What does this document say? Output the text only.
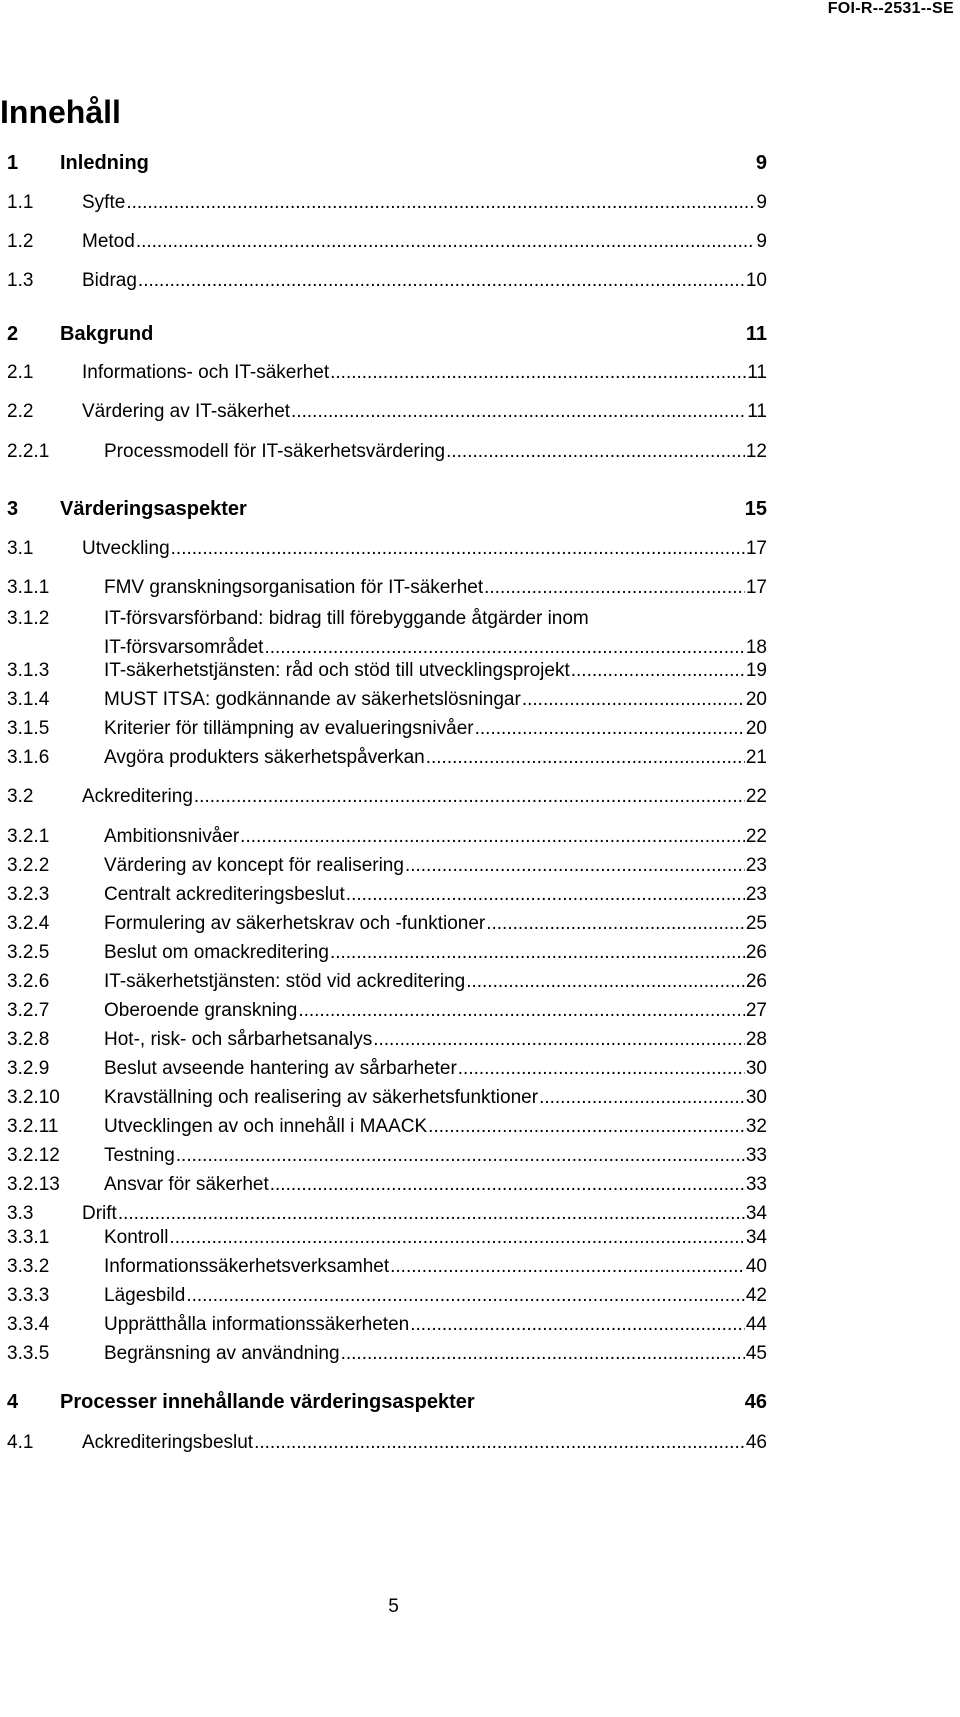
FOI-R--2531--SE
Innehåll
1	Inledning	9
1.1	Syfte .....	9
1.2	Metod .....	9
1.3	Bidrag .....	10
2	Bakgrund	11
2.1	Informations- och IT-säkerhet .....	11
2.2	Värdering av IT-säkerhet .....	11
2.2.1	Processmodell för IT-säkerhetsvärdering .....	12
3	Värderingsaspekter	15
3.1	Utveckling .....	17
3.1.1	FMV granskningsorganisation för IT-säkerhet .....	17
3.1.2	IT-försvarsförband: bidrag till förebyggande åtgärder inom
IT-försvarsområdet .....	18
3.1.3	IT-säkerhetstjänsten: råd och stöd till utvecklingsprojekt .....	19
3.1.4	MUST ITSA: godkännande av säkerhetslösningar .....	20
3.1.5	Kriterier för tillämpning av evalueringsnivåer .....	20
3.1.6	Avgöra produkters säkerhetspåverkan .....	21
3.2	Ackreditering .....	22
3.2.1	Ambitionsnivåer .....	22
3.2.2	Värdering av koncept för realisering .....	23
3.2.3	Centralt ackrediteringsbeslut .....	23
3.2.4	Formulering av säkerhetskrav och -funktioner .....	25
3.2.5	Beslut om omackreditering .....	26
3.2.6	IT-säkerhetstjänsten: stöd vid ackreditering .....	26
3.2.7	Oberoende granskning .....	27
3.2.8	Hot-, risk- och sårbarhetsanalys .....	28
3.2.9	Beslut avseende hantering av sårbarheter .....	30
3.2.10	Kravställning och realisering av säkerhetsfunktioner .....	30
3.2.11	Utvecklingen av och innehåll i MAACK .....	32
3.2.12	Testning .....	33
3.2.13	Ansvar för säkerhet .....	33
3.3	Drift .....	34
3.3.1	Kontroll .....	34
3.3.2	Informationssäkerhetsverksamhet .....	40
3.3.3	Lägesbild .....	42
3.3.4	Upprätthålla informationssäkerheten .....	44
3.3.5	Begränsning av användning .....	45
4	Processer innehållande värderingsaspekter	46
4.1	Ackrediteringsbeslut .....	46
5
